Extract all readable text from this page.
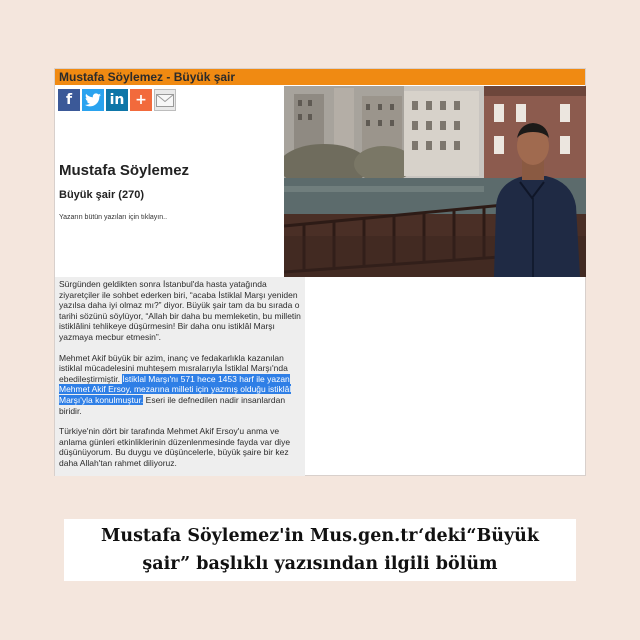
Mustafa Söylemez - Büyük şair
f	in +
Mustafa Söylemez
Büyük şair (270)
Yazarın bütün yazıları için tıklayın..

Sürgünden geldikten sonra İstanbul'da hasta yatağında ziyaretçiler ile sohbet ederken biri, “acaba İstiklal Marşı yeniden yazılsa daha iyi olmaz mı?” diyor. Büyük şair tam da bu sırada o tarihi sözünü söylüyor, “Allah bir daha bu memleketin, bu milletin istiklâlini tehlikeye düşürmesin! Bir daha onu istiklâl Marşı yazmaya mecbur etmesin”.

Mehmet Akif büyük bir azim, inanç ve fedakarlıkla kazanılan istiklal mücadelesini muhteşem mısralarıyla İstiklal Marşı'nda ebedileştirmiştir. İstiklal Marşı'nı 571 hece 1453 harf ile yazan Mehmet Akif Ersoy, mezarına milleti için yazmış olduğu istiklâl Marşı'yla konulmuştur. Eseri ile defnedilen nadir insanlardan biridir.

Türkiye'nin dört bir tarafında Mehmet Akif Ersoy'u anma ve anlama günleri etkinliklerinin düzenlenmesinde fayda var diye düşünüyorum. Bu duygu ve düşüncelerle, büyük şaire bir kez daha Allah'tan rahmet diliyoruz.

Mustafa Söylemez'in Mus.gen.tr‘deki“Büyük
şair” başlıklı yazısından ilgili bölüm
